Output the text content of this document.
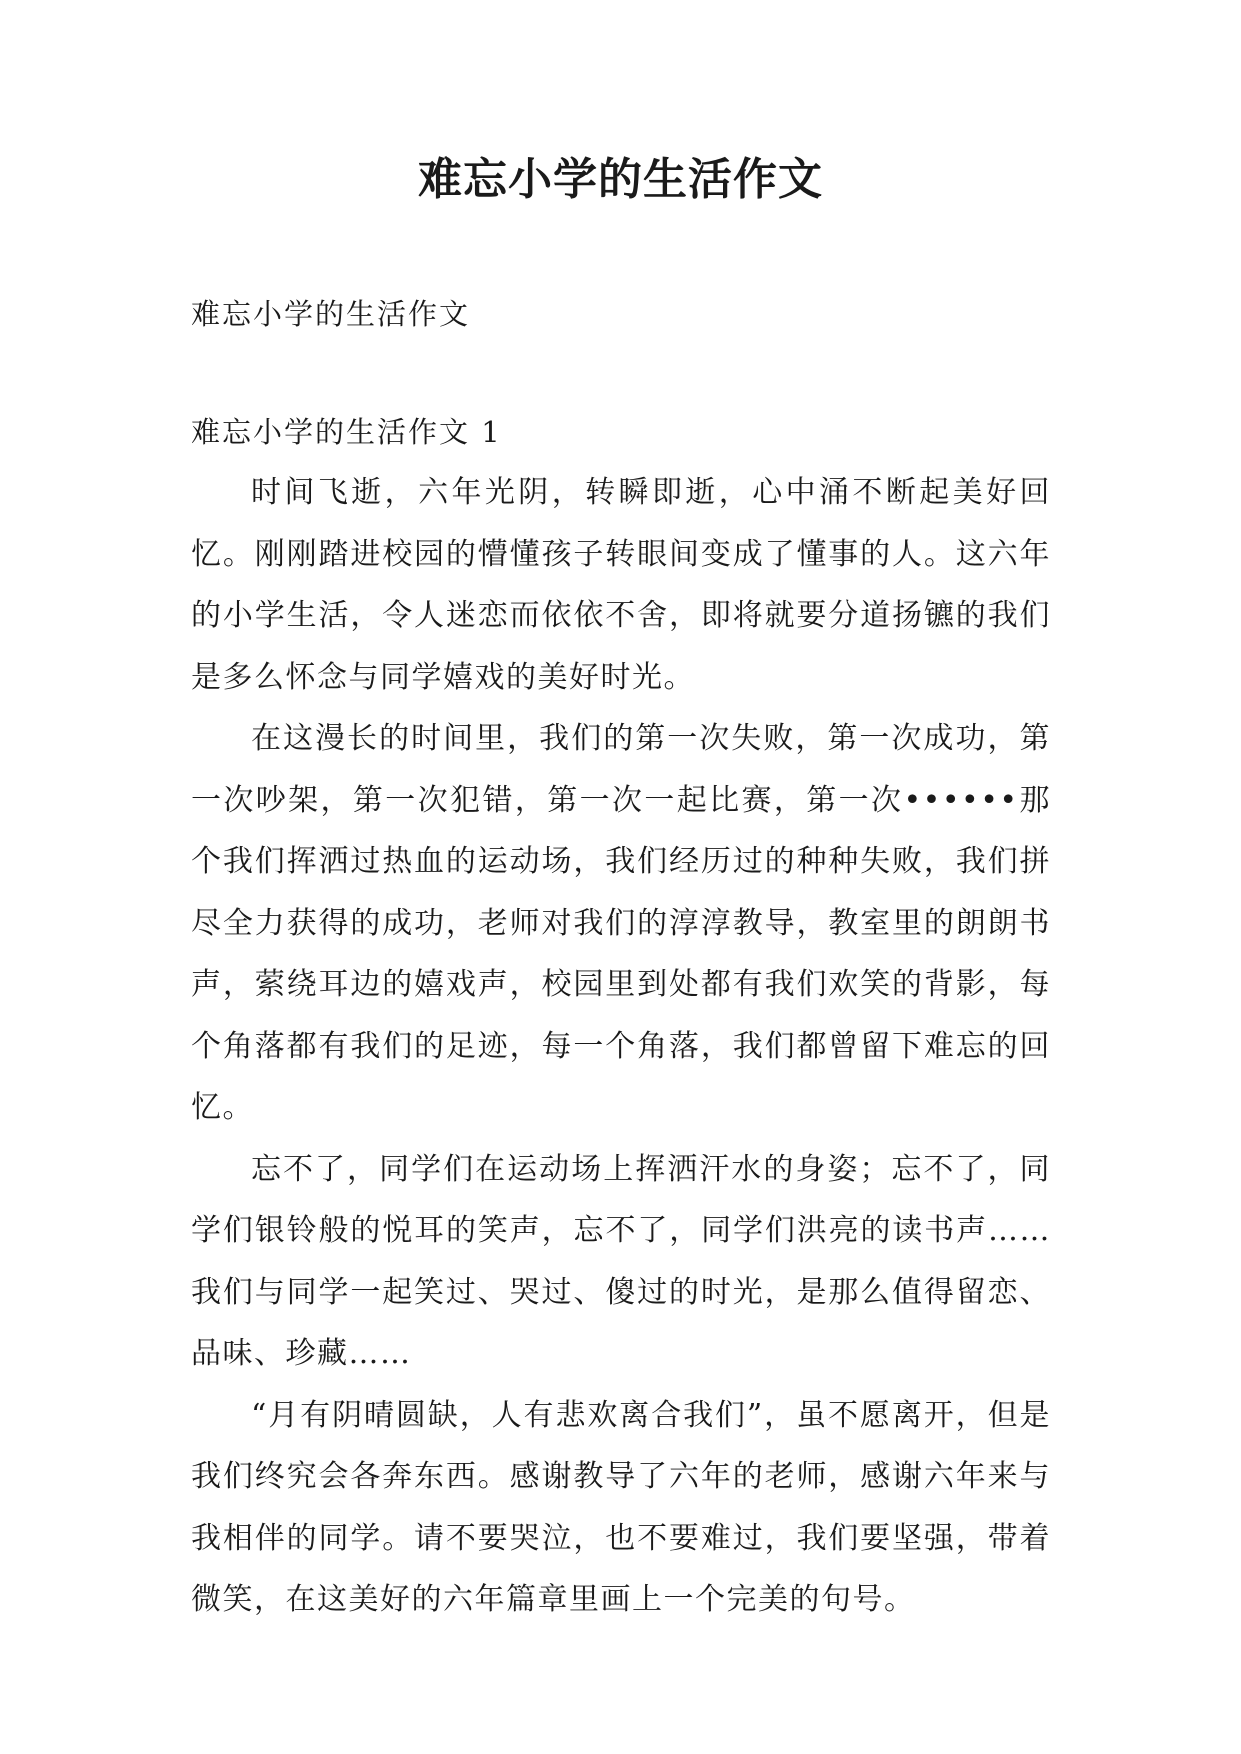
难忘小学的生活作文

难忘小学的生活作文

难忘小学的生活作文 1

时间飞逝，六年光阴，转瞬即逝，心中涌不断起美好回忆。刚刚踏进校园的懵懂孩子转眼间变成了懂事的人。这六年的小学生活，令人迷恋而依依不舍，即将就要分道扬镳的我们是多么怀念与同学嬉戏的美好时光。

在这漫长的时间里，我们的第一次失败，第一次成功，第一次吵架，第一次犯错，第一次一起比赛，第一次••••••那个我们挥洒过热血的运动场，我们经历过的种种失败，我们拼尽全力获得的成功，老师对我们的淳淳教导，教室里的朗朗书声，萦绕耳边的嬉戏声，校园里到处都有我们欢笑的背影，每个角落都有我们的足迹，每一个角落，我们都曾留下难忘的回忆。

忘不了，同学们在运动场上挥洒汗水的身姿；忘不了，同学们银铃般的悦耳的笑声，忘不了，同学们洪亮的读书声……我们与同学一起笑过、哭过、傻过的时光，是那么值得留恋、品味、珍藏……

“月有阴晴圆缺，人有悲欢离合我们”，虽不愿离开，但是我们终究会各奔东西。感谢教导了六年的老师，感谢六年来与我相伴的同学。请不要哭泣，也不要难过，我们要坚强，带着微笑，在这美好的六年篇章里画上一个完美的句号。
